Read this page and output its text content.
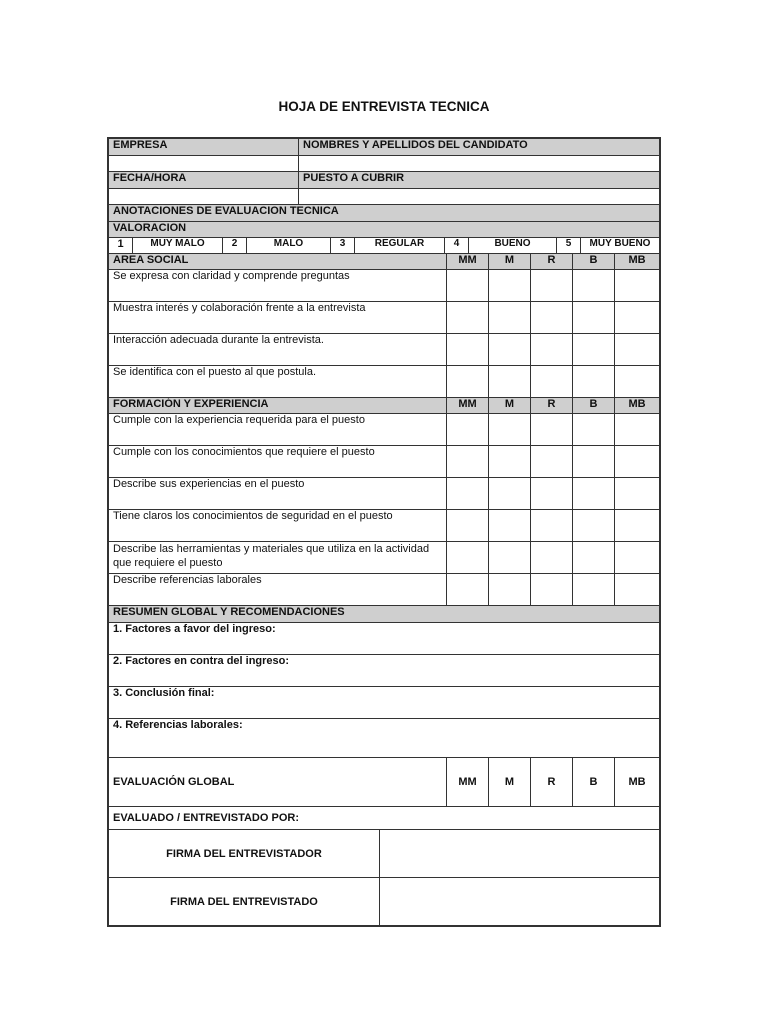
HOJA DE ENTREVISTA TECNICA
EMPRESA	NOMBRES Y APELLIDOS DEL CANDIDATO

FECHA/HORA	PUESTO A CUBRIR

ANOTACIONES DE EVALUACION TECNICA
VALORACION
1	MUY MALO	2	MALO	3	REGULAR	4	BUENO	5	MUY BUENO
AREA SOCIAL	MM	M	R	B	MB
Se expresa con claridad y comprende preguntas					
Muestra interés y colaboración frente a la entrevista					
Interacción adecuada durante la entrevista.					
Se identifica con el puesto al que postula.					
FORMACIÓN Y EXPERIENCIA	MM	M	R	B	MB
Cumple con la experiencia requerida para el puesto					
Cumple con los conocimientos que requiere el puesto					
Describe sus experiencias en el puesto					
Tiene claros los conocimientos de seguridad en el puesto					
Describe las herramientas y materiales que utiliza en la actividad que requiere el puesto					
Describe referencias laborales					
RESUMEN GLOBAL Y RECOMENDACIONES
1. Factores a favor del ingreso:
2. Factores en contra del ingreso:
3. Conclusión final:
4. Referencias laborales:
EVALUACIÓN GLOBAL	MM	M	R	B	MB
EVALUADO / ENTREVISTADO POR:
FIRMA DEL ENTREVISTADOR	
FIRMA DEL ENTREVISTADO	
